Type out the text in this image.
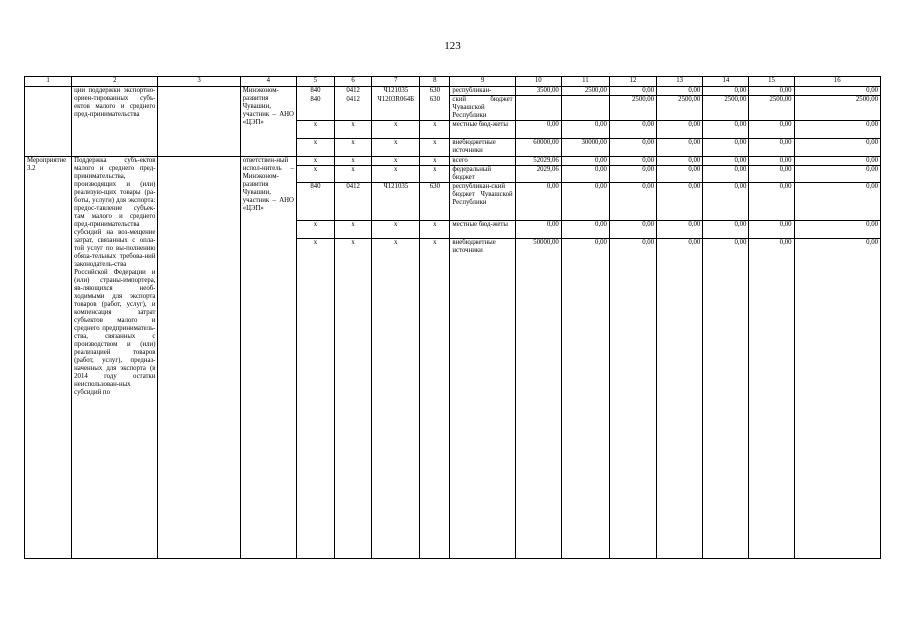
123
1	2	3	4	5	6	7	8	9	10	11	12	13	14	15	16
	ции поддержки экспортно-ориен-тированных субъ-ектов малого и среднего пред-принимательства		Минэконом-развития Чувашии, участник – АНО «ЦЭП»	840	0412	Ч121035	630	республикан-	3500,00	2500,00	0,00	0,00	0,00	0,00	0,00
				840	0412	Ч1203R064Б	630	ский бюджет Чувашской Республики			2500,00	2500,00	2500,00	2500,00	2500,00
				x	x	x	x	местные бюд-жеты	0,00	0,00	0,00	0,00	0,00	0,00	0,00
				x	x	x	x	внебюджетные источники	60000,00	30000,00	0,00	0,00	0,00	0,00	0,00
Мероприятие 3.2	Поддержка субъ-ектов малого и среднего пред-принимательства, производящих и (или) реализую-щих товары (ра-боты, услуги) для экспорта: предос-тавление субъек-там малого и среднего пред-принимательства субсидий на воз-мещение затрат, связанных с опла-той услуг по вы-полнению обяза-тельных требова-ний законодатель-ства Российской Федерации и (или) страны-импортера, яв-ляющихся необ-ходимыми для экспорта товаров (работ, услуг), и компенсация затрат субъектов малого и среднего предприниматель-ства, связанных с производством и (или) реализацией товаров (работ, услуг), предназ-наченных для экспорта (в 2014 году остатки неиспользован-ных субсидий по		ответствен-ный испол-нитель – Минэконом-развития Чувашии, участник – АНО «ЦЭП»	x	x	x	x	всего	52029,06	0,00	0,00	0,00	0,00	0,00	0,00
				x	x	x	x	федеральный бюджет	2029,06	0,00	0,00	0,00	0,00	0,00	0,00
				840	0412	Ч121035	630	республикан-ский бюджет Чувашской Республики	0,00	0,00	0,00	0,00	0,00	0,00	0,00
				x	x	x	x	местные бюд-жеты	0,00	0,00	0,00	0,00	0,00	0,00	0,00
				x	x	x	x	внебюджетные источники	50000,00	0,00	0,00	0,00	0,00	0,00	0,00
